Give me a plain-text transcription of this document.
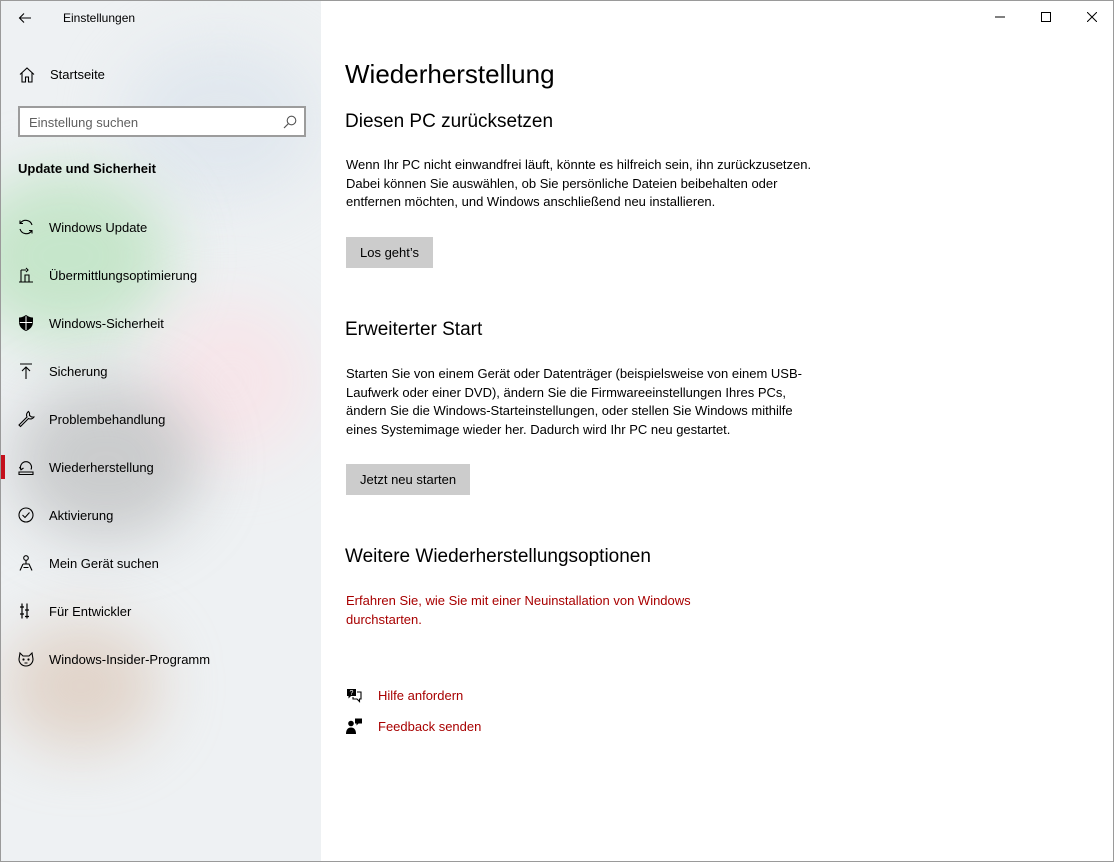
Einstellungen
Startseite
Einstellung suchen
Update und Sicherheit
Windows Update
Übermittlungsoptimierung
Windows-Sicherheit
Sicherung
Problembehandlung
Wiederherstellung
Aktivierung
Mein Gerät suchen
Für Entwickler
Windows-Insider-Programm
Wiederherstellung
Diesen PC zurücksetzen

Wenn Ihr PC nicht einwandfrei läuft, könnte es hilfreich sein, ihn zurückzusetzen. Dabei können Sie auswählen, ob Sie persönliche Dateien beibehalten oder entfernen möchten, und Windows anschließend neu installieren.

Los geht’s
Erweiterter Start

Starten Sie von einem Gerät oder Datenträger (beispielsweise von einem USB-Laufwerk oder einer DVD), ändern Sie die Firmwareeinstellungen Ihres PCs, ändern Sie die Windows-Starteinstellungen, oder stellen Sie Windows mithilfe eines Systemimage wieder her. Dadurch wird Ihr PC neu gestartet.

Jetzt neu starten
Weitere Wiederherstellungsoptionen
Erfahren Sie, wie Sie mit einer Neuinstallation von Windows durchstarten.
? Hilfe anfordern
Feedback senden
